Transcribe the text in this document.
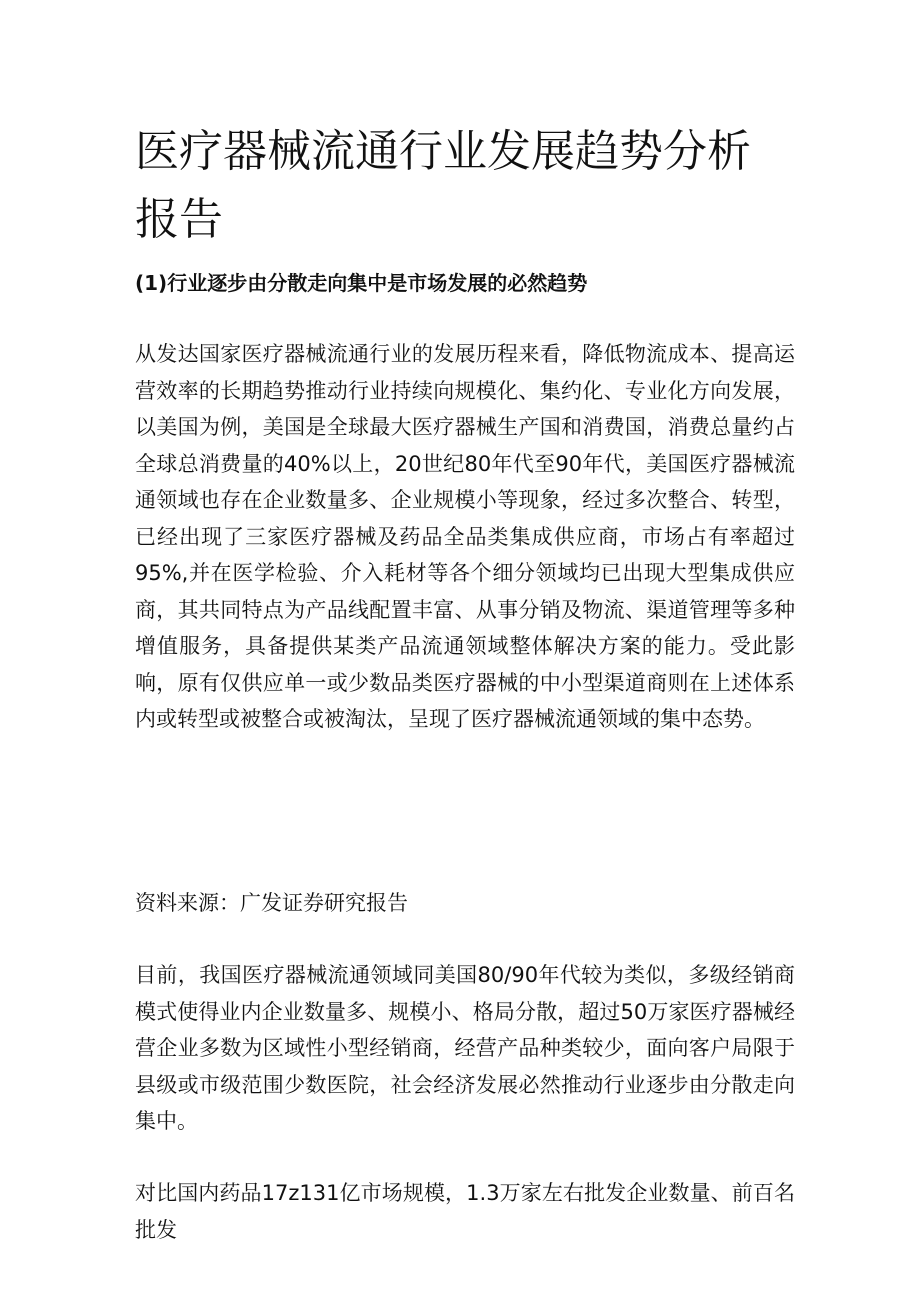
医疗器械流通行业发展趋势分析报告
(1)行业逐步由分散走向集中是市场发展的必然趋势

从发达国家医疗器械流通行业的发展历程来看，降低物流成本、提高运营效率的长期趋势推动行业持续向规模化、集约化、专业化方向发展，以美国为例，美国是全球最大医疗器械生产国和消费国，消费总量约占全球总消费量的40%以上，20世纪80年代至90年代，美国医疗器械流通领域也存在企业数量多、企业规模小等现象，经过多次整合、转型，已经出现了三家医疗器械及药品全品类集成供应商，市场占有率超过95%,并在医学检验、介入耗材等各个细分领域均已出现大型集成供应商，其共同特点为产品线配置丰富、从事分销及物流、渠道管理等多种增值服务，具备提供某类产品流通领域整体解决方案的能力。受此影响，原有仅供应单一或少数品类医疗器械的中小型渠道商则在上述体系内或转型或被整合或被淘汰，呈现了医疗器械流通领域的集中态势。

资料来源：广发证券研究报告

目前，我国医疗器械流通领域同美国80/90年代较为类似，多级经销商模式使得业内企业数量多、规模小、格局分散，超过50万家医疗器械经营企业多数为区域性小型经销商，经营产品种类较少，面向客户局限于县级或市级范围少数医院，社会经济发展必然推动行业逐步由分散走向集中。

对比国内药品17z131亿市场规模，1.3万家左右批发企业数量、前百名批发
